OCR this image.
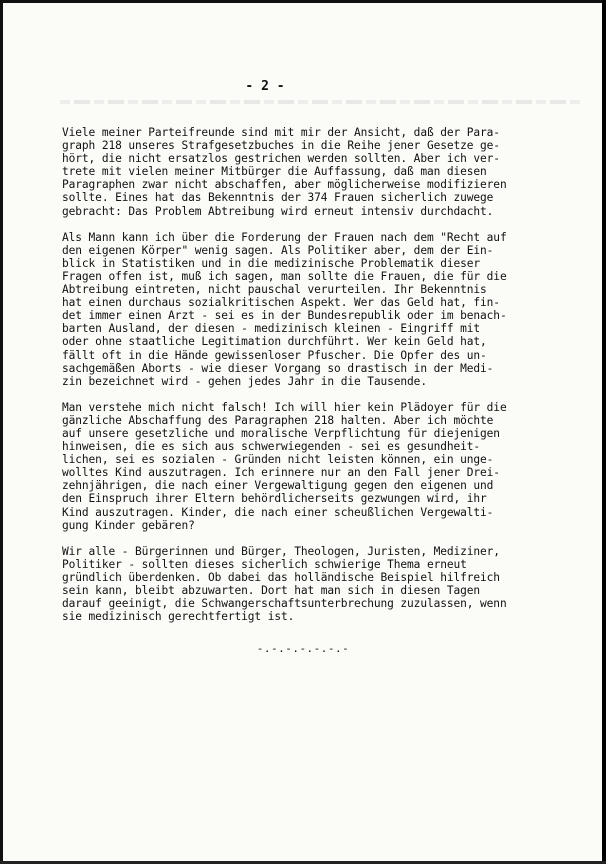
- 2 -

Viele meiner Parteifreunde sind mit mir der Ansicht, daß der Para-
graph 218 unseres Strafgesetzbuches in die Reihe jener Gesetze ge-
hört, die nicht ersatzlos gestrichen werden sollten. Aber ich ver-
trete mit vielen meiner Mitbürger die Auffassung, daß man diesen
Paragraphen zwar nicht abschaffen, aber möglicherweise modifizieren
sollte. Eines hat das Bekenntnis der 374 Frauen sicherlich zuwege
gebracht: Das Problem Abtreibung wird erneut intensiv durchdacht.

Als Mann kann ich über die Forderung der Frauen nach dem "Recht auf
den eigenen Körper" wenig sagen. Als Politiker aber, dem der Ein-
blick in Statistiken und in die medizinische Problematik dieser
Fragen offen ist, muß ich sagen, man sollte die Frauen, die für die
Abtreibung eintreten, nicht pauschal verurteilen. Ihr Bekenntnis
hat einen durchaus sozialkritischen Aspekt. Wer das Geld hat, fin-
det immer einen Arzt - sei es in der Bundesrepublik oder im benach-
barten Ausland, der diesen - medizinisch kleinen - Eingriff mit
oder ohne staatliche Legitimation durchführt. Wer kein Geld hat,
fällt oft in die Hände gewissenloser Pfuscher. Die Opfer des un-
sachgemäßen Aborts - wie dieser Vorgang so drastisch in der Medi-
zin bezeichnet wird - gehen jedes Jahr in die Tausende.

Man verstehe mich nicht falsch! Ich will hier kein Plädoyer für die
gänzliche Abschaffung des Paragraphen 218 halten. Aber ich möchte
auf unsere gesetzliche und moralische Verpflichtung für diejenigen
hinweisen, die es sich aus schwerwiegenden - sei es gesundheit-
lichen, sei es sozialen - Gründen nicht leisten können, ein unge-
wolltes Kind auszutragen. Ich erinnere nur an den Fall jener Drei-
zehnjährigen, die nach einer Vergewaltigung gegen den eigenen und
den Einspruch ihrer Eltern behördlicherseits gezwungen wird, ihr
Kind auszutragen. Kinder, die nach einer scheußlichen Vergewalti-
gung Kinder gebären?

Wir alle - Bürgerinnen und Bürger, Theologen, Juristen, Mediziner,
Politiker - sollten dieses sicherlich schwierige Thema erneut
gründlich überdenken. Ob dabei das holländische Beispiel hilfreich
sein kann, bleibt abzuwarten. Dort hat man sich in diesen Tagen
darauf geeinigt, die Schwangerschaftsunterbrechung zuzulassen, wenn
sie medizinisch gerechtfertigt ist.

-.-.-.-.-.-.-
